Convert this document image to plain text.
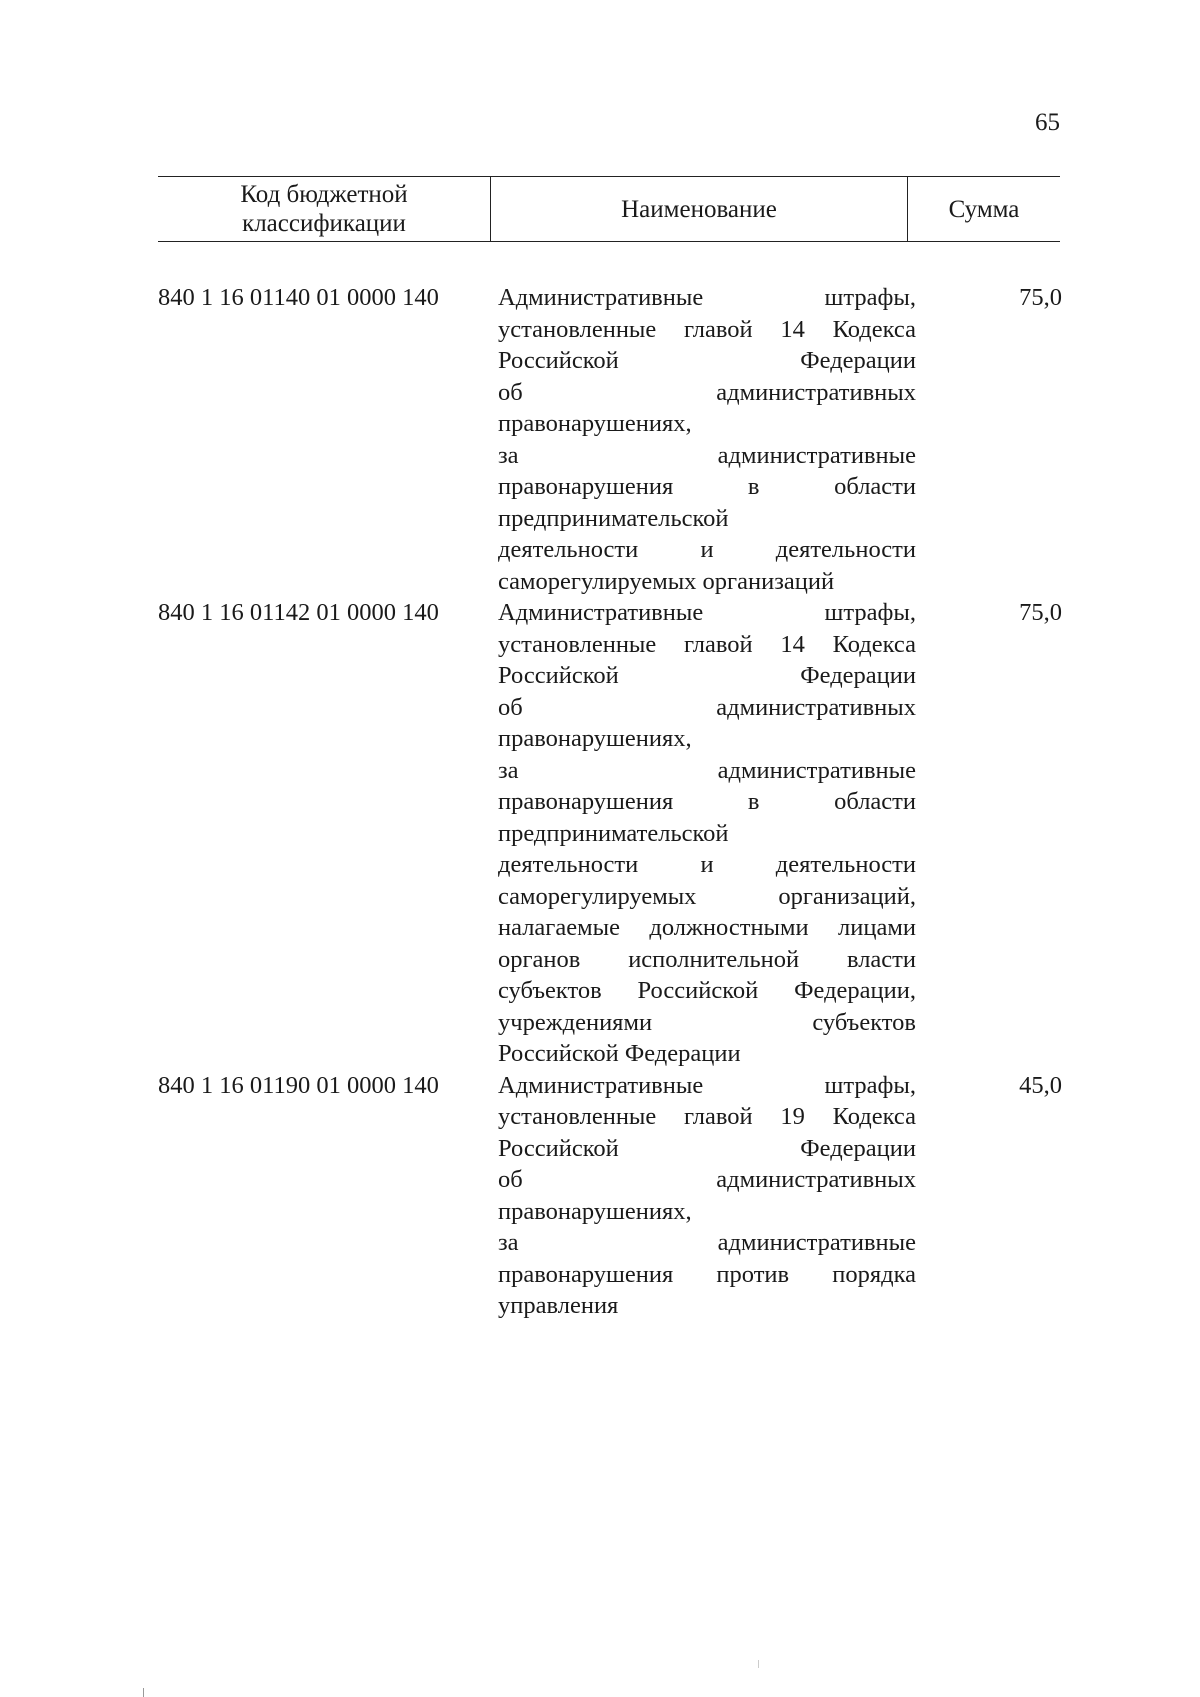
65
Код бюджетной классификации
Наименование	Сумма
840 1 16 01140 01 0000 140	Административные штрафы,
установленные главой 14 Кодекса
Российской Федерации
об административных
правонарушениях,
за административные
правонарушения в области
предпринимательской
деятельности и деятельности
саморегулируемых организаций
75,0
840 1 16 01142 01 0000 140	Административные штрафы,
установленные главой 14 Кодекса
Российской Федерации
об административных
правонарушениях,
за административные
правонарушения в области
предпринимательской
деятельности и деятельности
саморегулируемых организаций,
налагаемые должностными лицами
органов исполнительной власти
субъектов Российской Федерации,
учреждениями субъектов
Российской Федерации
75,0
840 1 16 01190 01 0000 140	Административные штрафы,
установленные главой 19 Кодекса
Российской Федерации
об административных
правонарушениях,
за административные
правонарушения против порядка
управления
45,0
